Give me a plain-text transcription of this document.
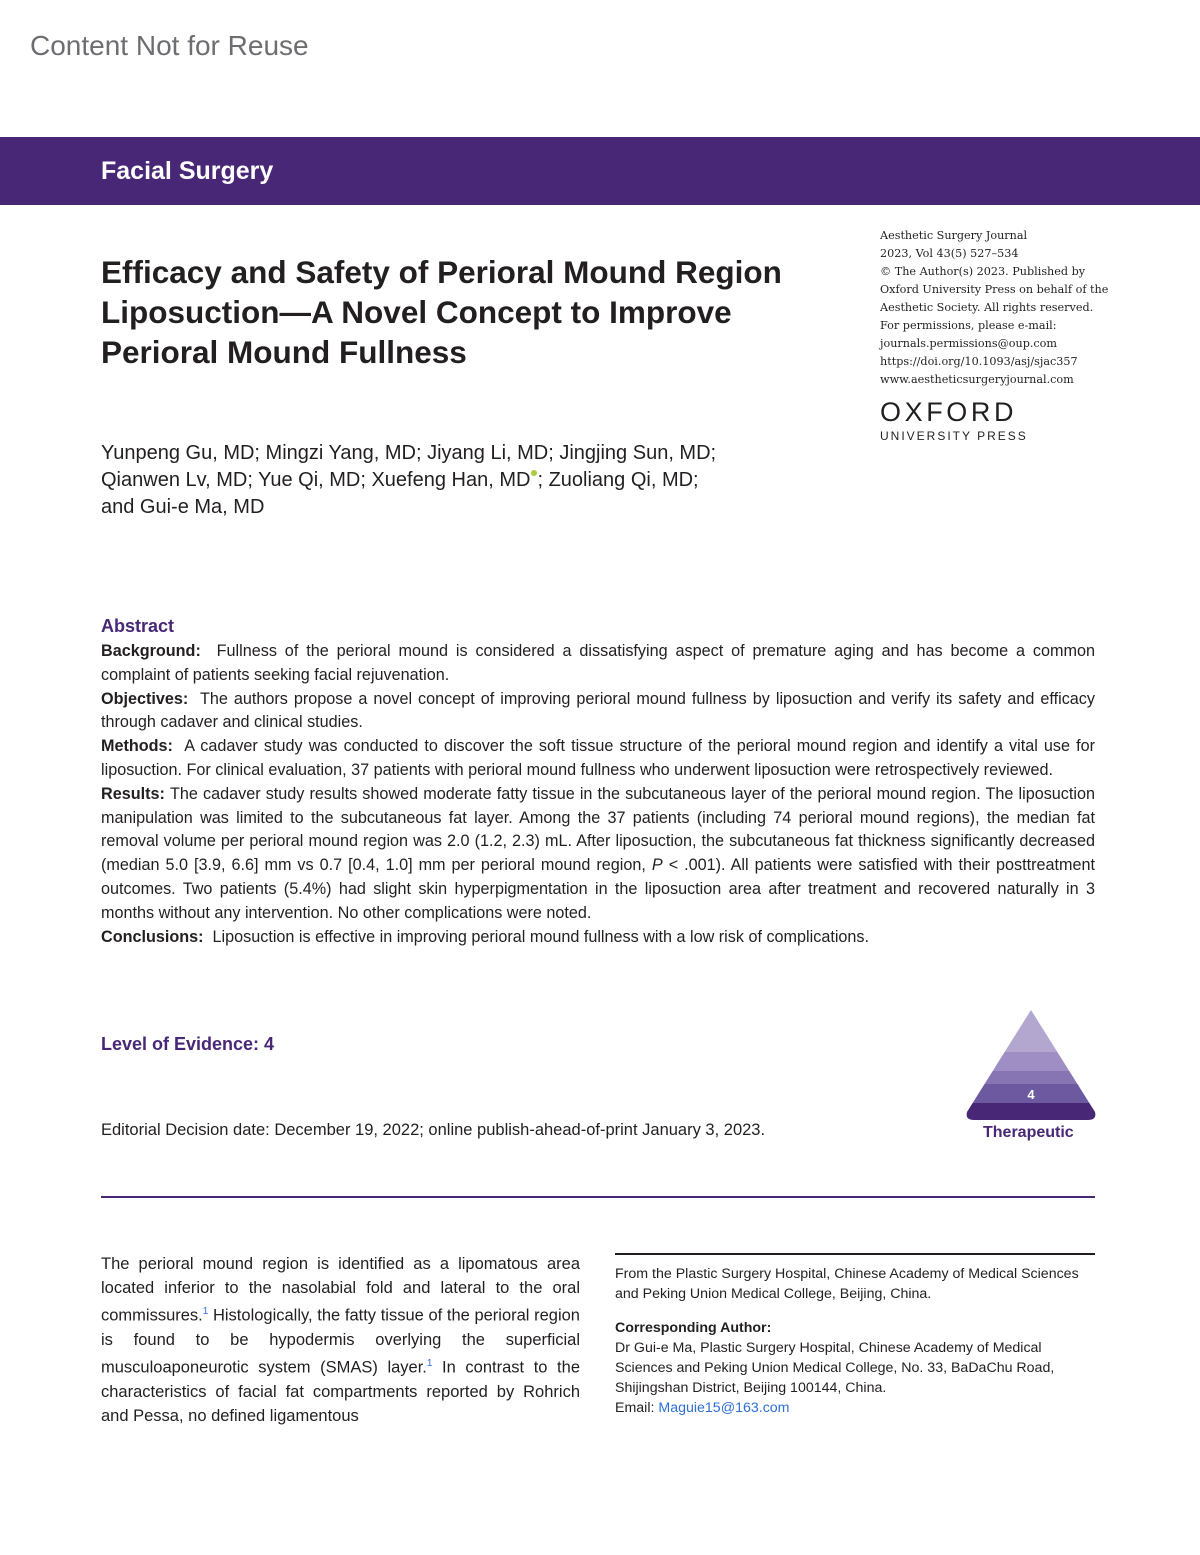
Content Not for Reuse
Facial Surgery
Efficacy and Safety of Perioral Mound Region
Liposuction—A Novel Concept to Improve
Perioral Mound Fullness
Aesthetic Surgery Journal
2023, Vol 43(5) 527–534
© The Author(s) 2023. Published by
Oxford University Press on behalf of the
Aesthetic Society. All rights reserved.
For permissions, please e-mail:
journals.permissions@oup.com
https://doi.org/10.1093/asj/sjac357
www.aestheticsurgeryjournal.com
OXFORD
UNIVERSITY PRESS
Yunpeng Gu, MD; Mingzi Yang, MD; Jiyang Li, MD; Jingjing Sun, MD;
Qianwen Lv, MD; Yue Qi, MD; Xuefeng Han, MD ; Zuoliang Qi, MD;
and Gui-e Ma, MD
Abstract

Background: Fullness of the perioral mound is considered a dissatisfying aspect of premature aging and has become a common complaint of patients seeking facial rejuvenation.

Objectives: The authors propose a novel concept of improving perioral mound fullness by liposuction and verify its safety and efficacy through cadaver and clinical studies.

Methods: A cadaver study was conducted to discover the soft tissue structure of the perioral mound region and identify a vital use for liposuction. For clinical evaluation, 37 patients with perioral mound fullness who underwent liposuction were retrospectively reviewed.

Results: The cadaver study results showed moderate fatty tissue in the subcutaneous layer of the perioral mound region. The liposuction manipulation was limited to the subcutaneous fat layer. Among the 37 patients (including 74 perioral mound regions), the median fat removal volume per perioral mound region was 2.0 (1.2, 2.3) mL. After liposuction, the subcutaneous fat thickness significantly decreased (median 5.0 [3.9, 6.6] mm vs 0.7 [0.4, 1.0] mm per perioral mound region, P < .001). All patients were satisfied with their posttreatment outcomes. Two patients (5.4%) had slight skin hyperpigmentation in the liposuction area after treatment and recovered naturally in 3 months without any intervention. No other complications were noted.

Conclusions: Liposuction is effective in improving perioral mound fullness with a low risk of complications.

Level of Evidence: 4
4
Therapeutic
Editorial Decision date: December 19, 2022; online publish-ahead-of-print January 3, 2023.
The perioral mound region is identified as a lipomatous area located inferior to the nasolabial fold and lateral to the oral commissures.$^1$ Histologically, the fatty tissue of the perioral region is found to be hypodermis overlying the superficial musculoaponeurotic system (SMAS) layer.$^1$ In contrast to the characteristics of facial fat compartments reported by Rohrich and Pessa, no defined ligamentous

From the Plastic Surgery Hospital, Chinese Academy of Medical Sciences and Peking Union Medical College, Beijing, China.

Corresponding Author:

Dr Gui-e Ma, Plastic Surgery Hospital, Chinese Academy of Medical Sciences and Peking Union Medical College, No. 33, BaDaChu Road, Shijingshan District, Beijing 100144, China.

Email: Maguie15@163.com
